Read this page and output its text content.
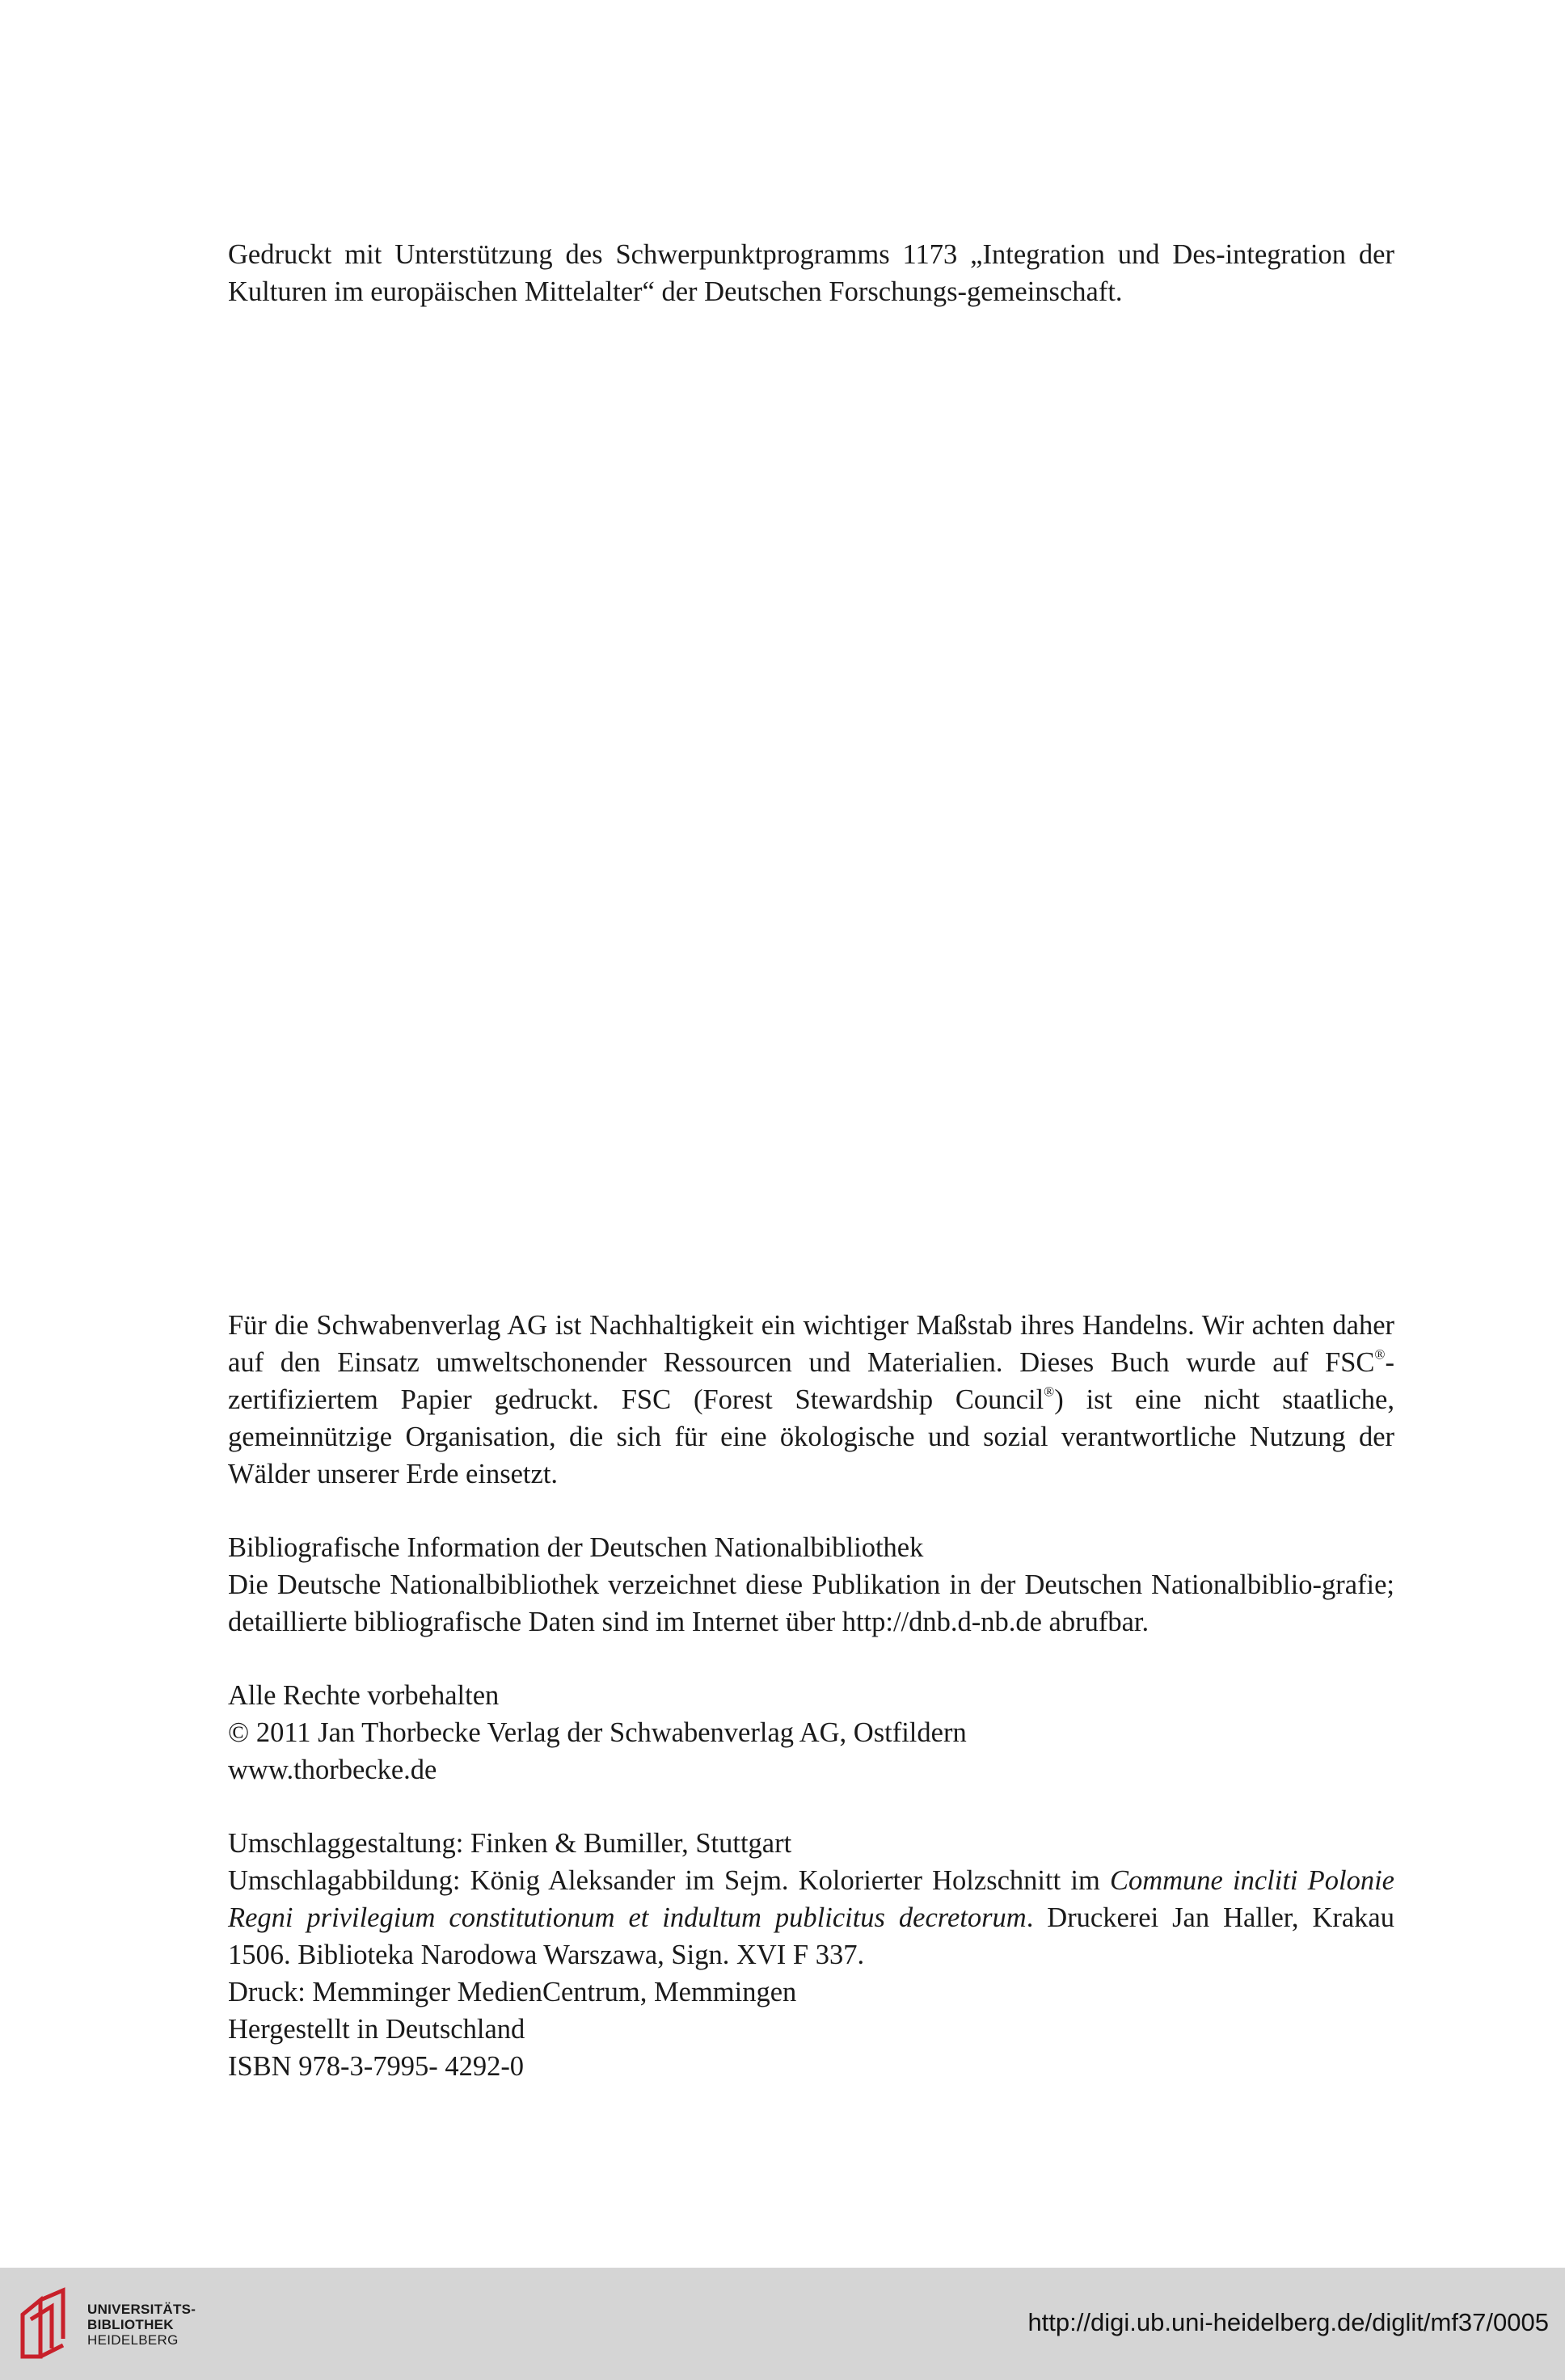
Gedruckt mit Unterstützung des Schwerpunktprogramms 1173 „Integration und Des-integration der Kulturen im europäischen Mittelalter“ der Deutschen Forschungs-gemeinschaft.

Für die Schwabenverlag AG ist Nachhaltigkeit ein wichtiger Maßstab ihres Handelns. Wir achten daher auf den Einsatz umweltschonender Ressourcen und Materialien. Dieses Buch wurde auf FSC®-zertifiziertem Papier gedruckt. FSC (Forest Stewardship Council®) ist eine nicht staatliche, gemeinnützige Organisation, die sich für eine ökologische und sozial verantwortliche Nutzung der Wälder unserer Erde einsetzt.

Bibliografische Information der Deutschen Nationalbibliothek

Die Deutsche Nationalbibliothek verzeichnet diese Publikation in der Deutschen Nationalbiblio-grafie; detaillierte bibliografische Daten sind im Internet über http://dnb.d-nb.de abrufbar.

Alle Rechte vorbehalten

© 2011 Jan Thorbecke Verlag der Schwabenverlag AG, Ostfildern

www.thorbecke.de

Umschlaggestaltung: Finken & Bumiller, Stuttgart

Umschlagabbildung: König Aleksander im Sejm. Kolorierter Holzschnitt im Commune incliti Polonie Regni privilegium constitutionum et indultum publicitus decretorum. Druckerei Jan Haller, Krakau 1506. Biblioteka Narodowa Warszawa, Sign. XVI F 337.

Druck: Memminger MedienCentrum, Memmingen

Hergestellt in Deutschland

ISBN 978-3-7995- 4292-0

UNIVERSITÄTS-
BIBLIOTHEK
HEIDELBERG
http://digi.ub.uni-heidelberg.de/diglit/mf37/0005
